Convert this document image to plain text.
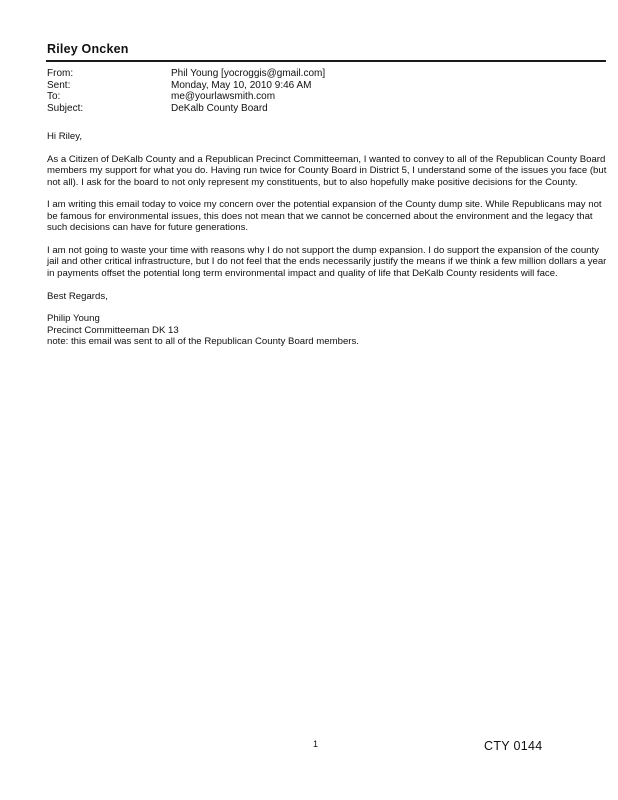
Riley Oncken
From:	Phil Young [yocroggis@gmail.com]
Sent:	Monday, May 10, 2010 9:46 AM
To:	me@yourlawsmith.com
Subject:	DeKalb County Board

Hi Riley,

As a Citizen of DeKalb County and a Republican Precinct Committeeman, I wanted to convey to all of the Republican County Board members my support for what you do. Having run twice for County Board in District 5, I understand some of the issues you face (but not all). I ask for the board to not only represent my constituents, but to also hopefully make positive decisions for the County.

I am writing this email today to voice my concern over the potential expansion of the County dump site. While Republicans may not be famous for environmental issues, this does not mean that we cannot be concerned about the environment and the legacy that such decisions can have for future generations.

I am not going to waste your time with reasons why I do not support the dump expansion. I do support the expansion of the county jail and other critical infrastructure, but I do not feel that the ends necessarily justify the means if we think a few million dollars a year in payments offset the potential long term environmental impact and quality of life that DeKalb County residents will face.

Best Regards,

Philip Young
Precinct Committeeman DK 13
note: this email was sent to all of the Republican County Board members.
1	CTY 0144
